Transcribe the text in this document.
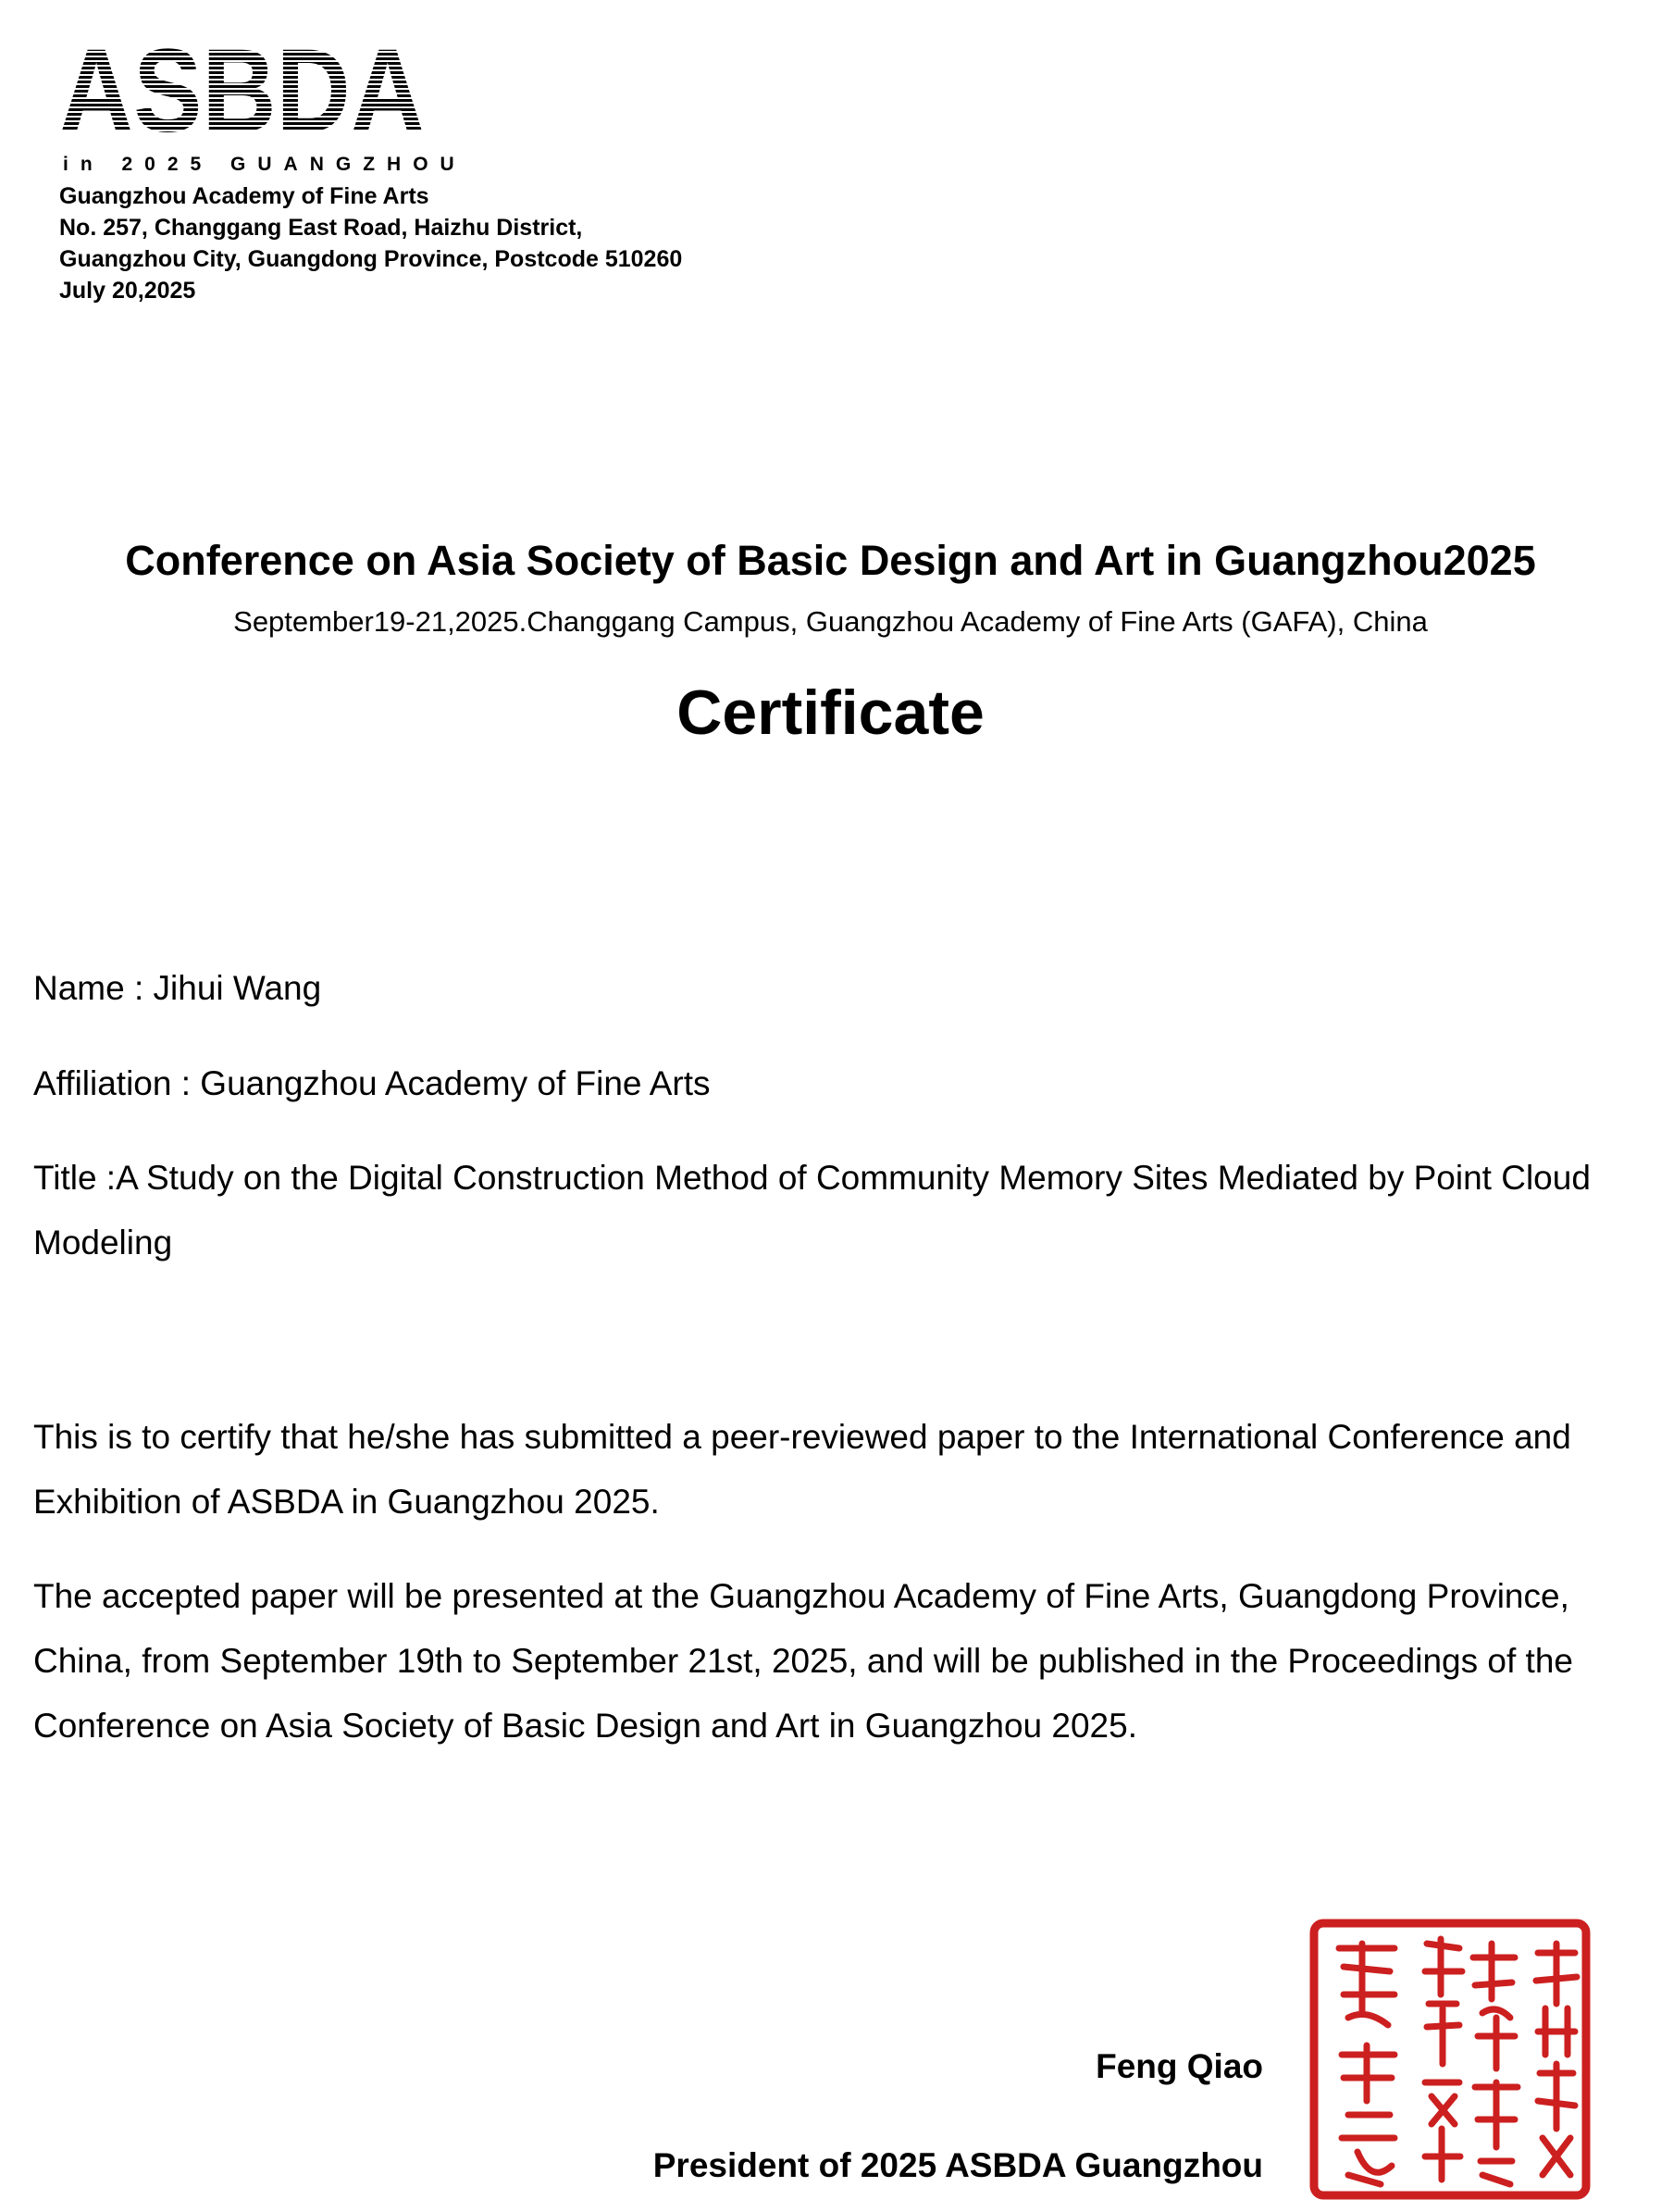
ASBDA
in 2025 GUANGZHOU
Guangzhou Academy of Fine Arts
No. 257, Changgang East Road, Haizhu District,
Guangzhou City, Guangdong Province, Postcode 510260
July 20,2025
Conference on Asia Society of Basic Design and Art in Guangzhou2025
September19-21,2025.Changgang Campus, Guangzhou Academy of Fine Arts (GAFA), China
Certificate
Name : Jihui Wang
Affiliation : Guangzhou Academy of Fine Arts
Title :A Study on the Digital Construction Method of Community Memory Sites Mediated by Point Cloud Modeling
This is to certify that he/she has submitted a peer-reviewed paper to the International Conference and Exhibition of ASBDA in Guangzhou 2025.
The accepted paper will be presented at the Guangzhou Academy of Fine Arts, Guangdong Province, China, from September 19th to September 21st, 2025, and will be published in the Proceedings of the Conference on Asia Society of Basic Design and Art in Guangzhou 2025.
Feng Qiao
President of 2025 ASBDA Guangzhou
